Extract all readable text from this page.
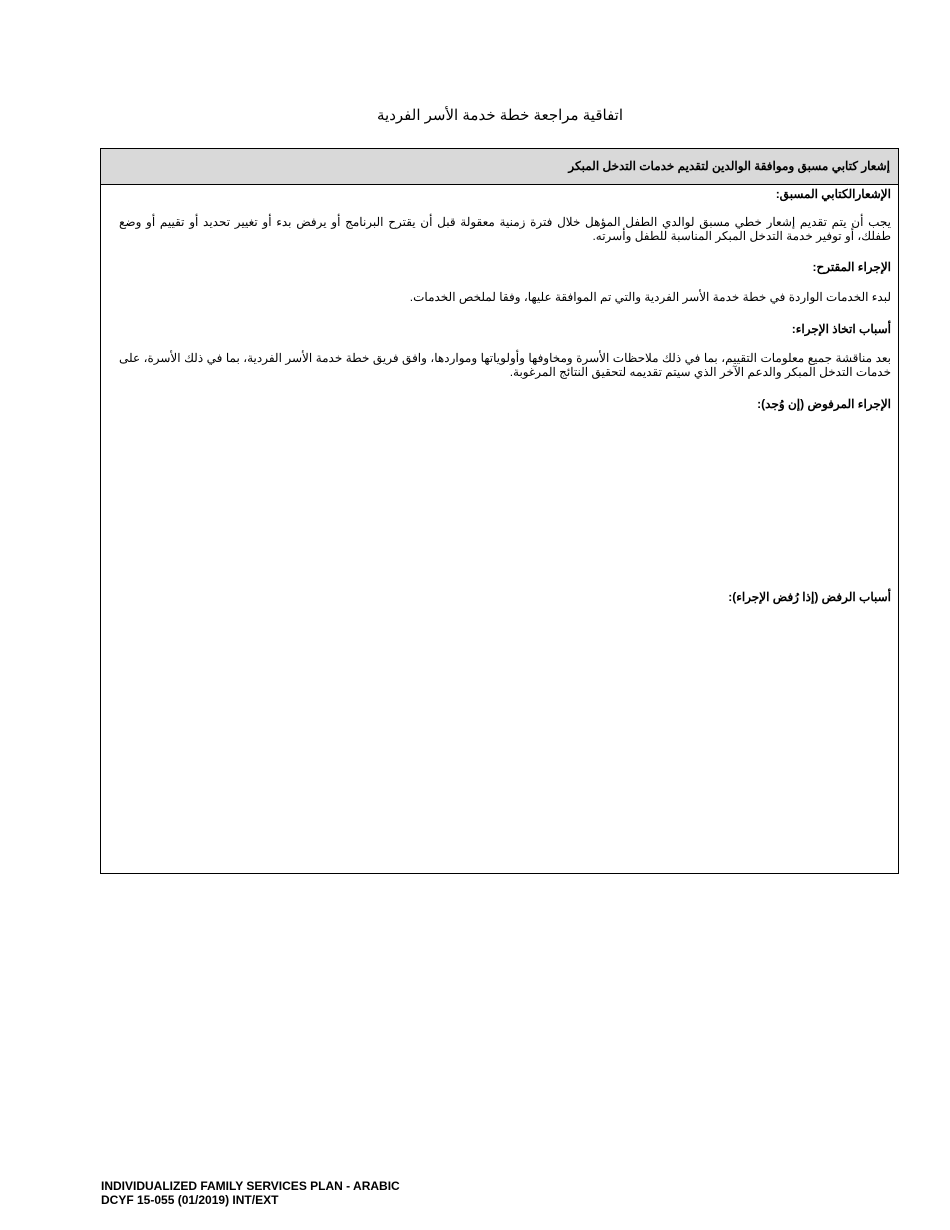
اتفاقية مراجعة خطة خدمة الأسر الفردية
إشعار كتابي مسبق وموافقة الوالدين لتقديم خدمات التدخل المبكر

الإشعارالكتابي المسبق:

يجب أن يتم تقديم إشعار خطي مسبق لوالدي الطفل المؤهل خلال فترة زمنية معقولة قبل أن يقترح البرنامج أو يرفض بدء أو تغيير تحديد أو تقييم أو وضع طفلك، أو توفير خدمة التدخل المبكر المناسبة للطفل وأسرته.

الإجراء المقترح:

لبدء الخدمات الواردة في خطة خدمة الأسر الفردية والتي تم الموافقة عليها، وفقا لملخص الخدمات.

أسباب اتخاذ الإجراء:

بعد مناقشة جميع معلومات التقييم، بما في ذلك ملاحظات الأسرة ومخاوفها وأولوياتها ومواردها، وافق فريق خطة خدمة الأسر الفردية، بما في ذلك الأسرة، على خدمات التدخل المبكر والدعم الآخر الذي سيتم تقديمه لتحقيق النتائج المرغوبة.

الإجراء المرفوض (إن وُجد):

أسباب الرفض (إذا رُفض الإجراء):

INDIVIDUALIZED FAMILY SERVICES PLAN - ARABIC
DCYF 15-055 (01/2019) INT/EXT
